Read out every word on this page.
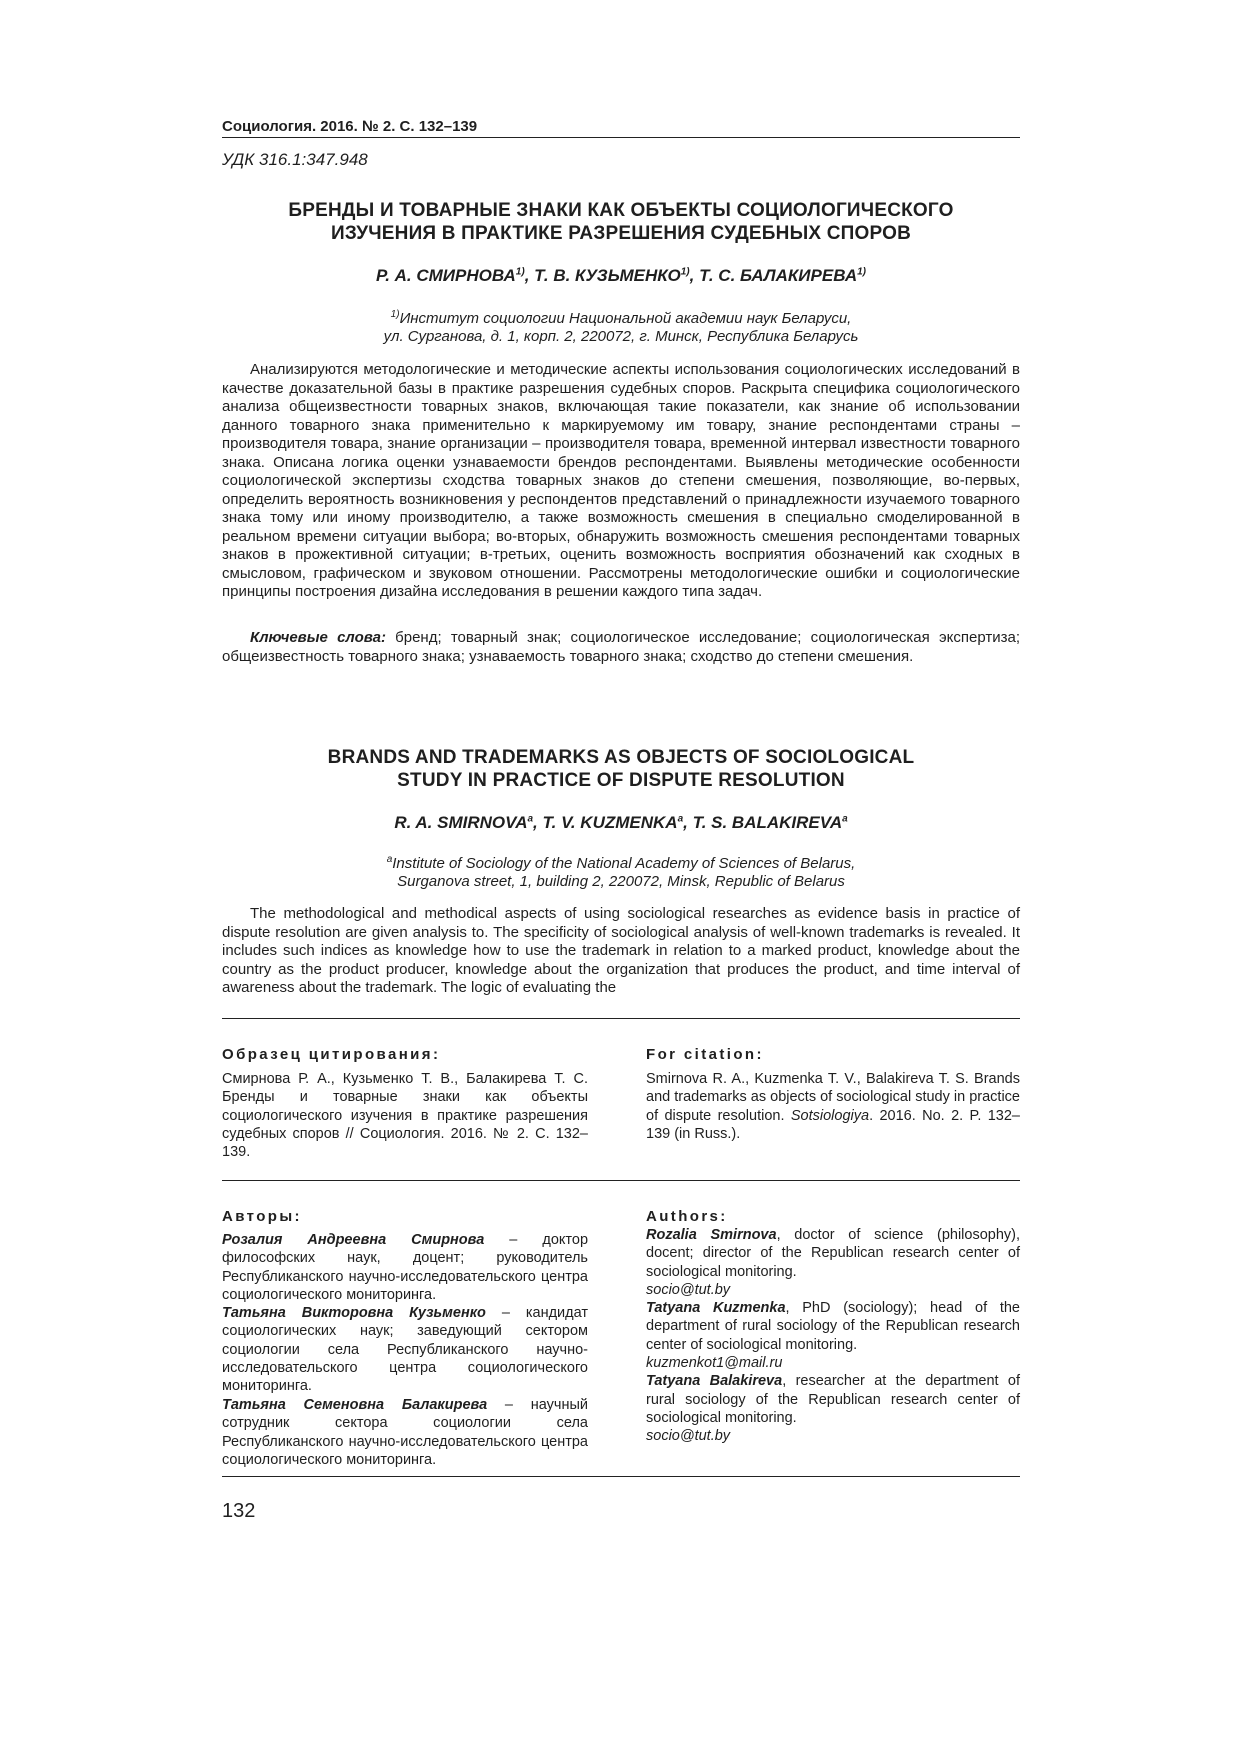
Социология. 2016. № 2. С. 132–139
УДК 316.1:347.948
БРЕНДЫ И ТОВАРНЫЕ ЗНАКИ КАК ОБЪЕКТЫ СОЦИОЛОГИЧЕСКОГО
ИЗУЧЕНИЯ В ПРАКТИКЕ РАЗРЕШЕНИЯ СУДЕБНЫХ СПОРОВ
Р. А. СМИРНОВА$^{1)}$, Т. В. КУЗЬМЕНКО$^{1)}$, Т. С. БАЛАКИРЕВА$^{1)}$
$^{1)}$Институт социологии Национальной академии наук Беларуси,
ул. Сурганова, д. 1, корп. 2, 220072, г. Минск, Республика Беларусь

Анализируются методологические и методические аспекты использования социологических исследований в качестве доказательной базы в практике разрешения судебных споров. Раскрыта специфика социологического анализа общеизвестности товарных знаков, включающая такие показатели, как знание об использовании данного товарного знака применительно к маркируемому им товару, знание респондентами страны – производителя товара, знание организации – производителя товара, временной интервал известности товарного знака. Описана логика оценки узнаваемости брендов респондентами. Выявлены методические особенности социологической экспертизы сходства товарных знаков до степени смешения, позволяющие, во-первых, определить вероятность возникновения у респондентов представлений о принадлежности изучаемого товарного знака тому или иному производителю, а также возможность смешения в специально смоделированной в реальном времени ситуации выбора; во-вторых, обнаружить возможность смешения респондентами товарных знаков в прожективной ситуации; в-третьих, оценить возможность восприятия обозначений как сходных в смысловом, графическом и звуковом отношении. Рассмотрены методологические ошибки и социологические принципы построения дизайна исследования в решении каждого типа задач.

Ключевые слова: бренд; товарный знак; социологическое исследование; социологическая экспертиза; общеизвестность товарного знака; узнаваемость товарного знака; сходство до степени смешения.

BRANDS AND TRADEMARKS AS OBJECTS OF SOCIOLOGICAL
STUDY IN PRACTICE OF DISPUTE RESOLUTION
R. A. SMIRNOVA$^a$, T. V. KUZMENKA$^a$, T. S. BALAKIREVA$^a$
$^a$Institute of Sociology of the National Academy of Sciences of Belarus,
Surganova street, 1, building 2, 220072, Minsk, Republic of Belarus

The methodological and methodical aspects of using sociological researches as evidence basis in practice of dispute resolution are given analysis to. The specificity of sociological analysis of well-known trademarks is revealed. It includes such indices as knowledge how to use the trademark in relation to a marked product, knowledge about the country as the product producer, knowledge about the organization that produces the product, and time interval of awareness about the trademark. The logic of evaluating the

Образец цитирования:

Смирнова Р. А., Кузьменко Т. В., Балакирева Т. С. Бренды и товарные знаки как объекты социологического изучения в практике разрешения судебных споров // Социология. 2016. № 2. С. 132–139.

For citation:

Smirnova R. A., Kuzmenka T. V., Balakireva T. S. Brands and trademarks as objects of sociological study in practice of dispute resolution. Sotsiologiya. 2016. No. 2. P. 132–139 (in Russ.).

Авторы:

Розалия Андреевна Смирнова – доктор философских наук, доцент; руководитель Республиканского научно-исследовательского центра социологического мониторинга.

Татьяна Викторовна Кузьменко – кандидат социологических наук; заведующий сектором социологии села Республиканского научно-исследовательского центра социологического мониторинга.

Татьяна Семеновна Балакирева – научный сотрудник сектора социологии села Республиканского научно-исследовательского центра социологического мониторинга.

Authors:
Rozalia Smirnova, doctor of science (philosophy), docent; director of the Republican research center of sociological monitoring.
socio@tut.by
Tatyana Kuzmenka, PhD (sociology); head of the department of rural sociology of the Republican research center of sociological monitoring.
kuzmenkot1@mail.ru
Tatyana Balakireva, researcher at the department of rural sociology of the Republican research center of sociological monitoring.
socio@tut.by
132
